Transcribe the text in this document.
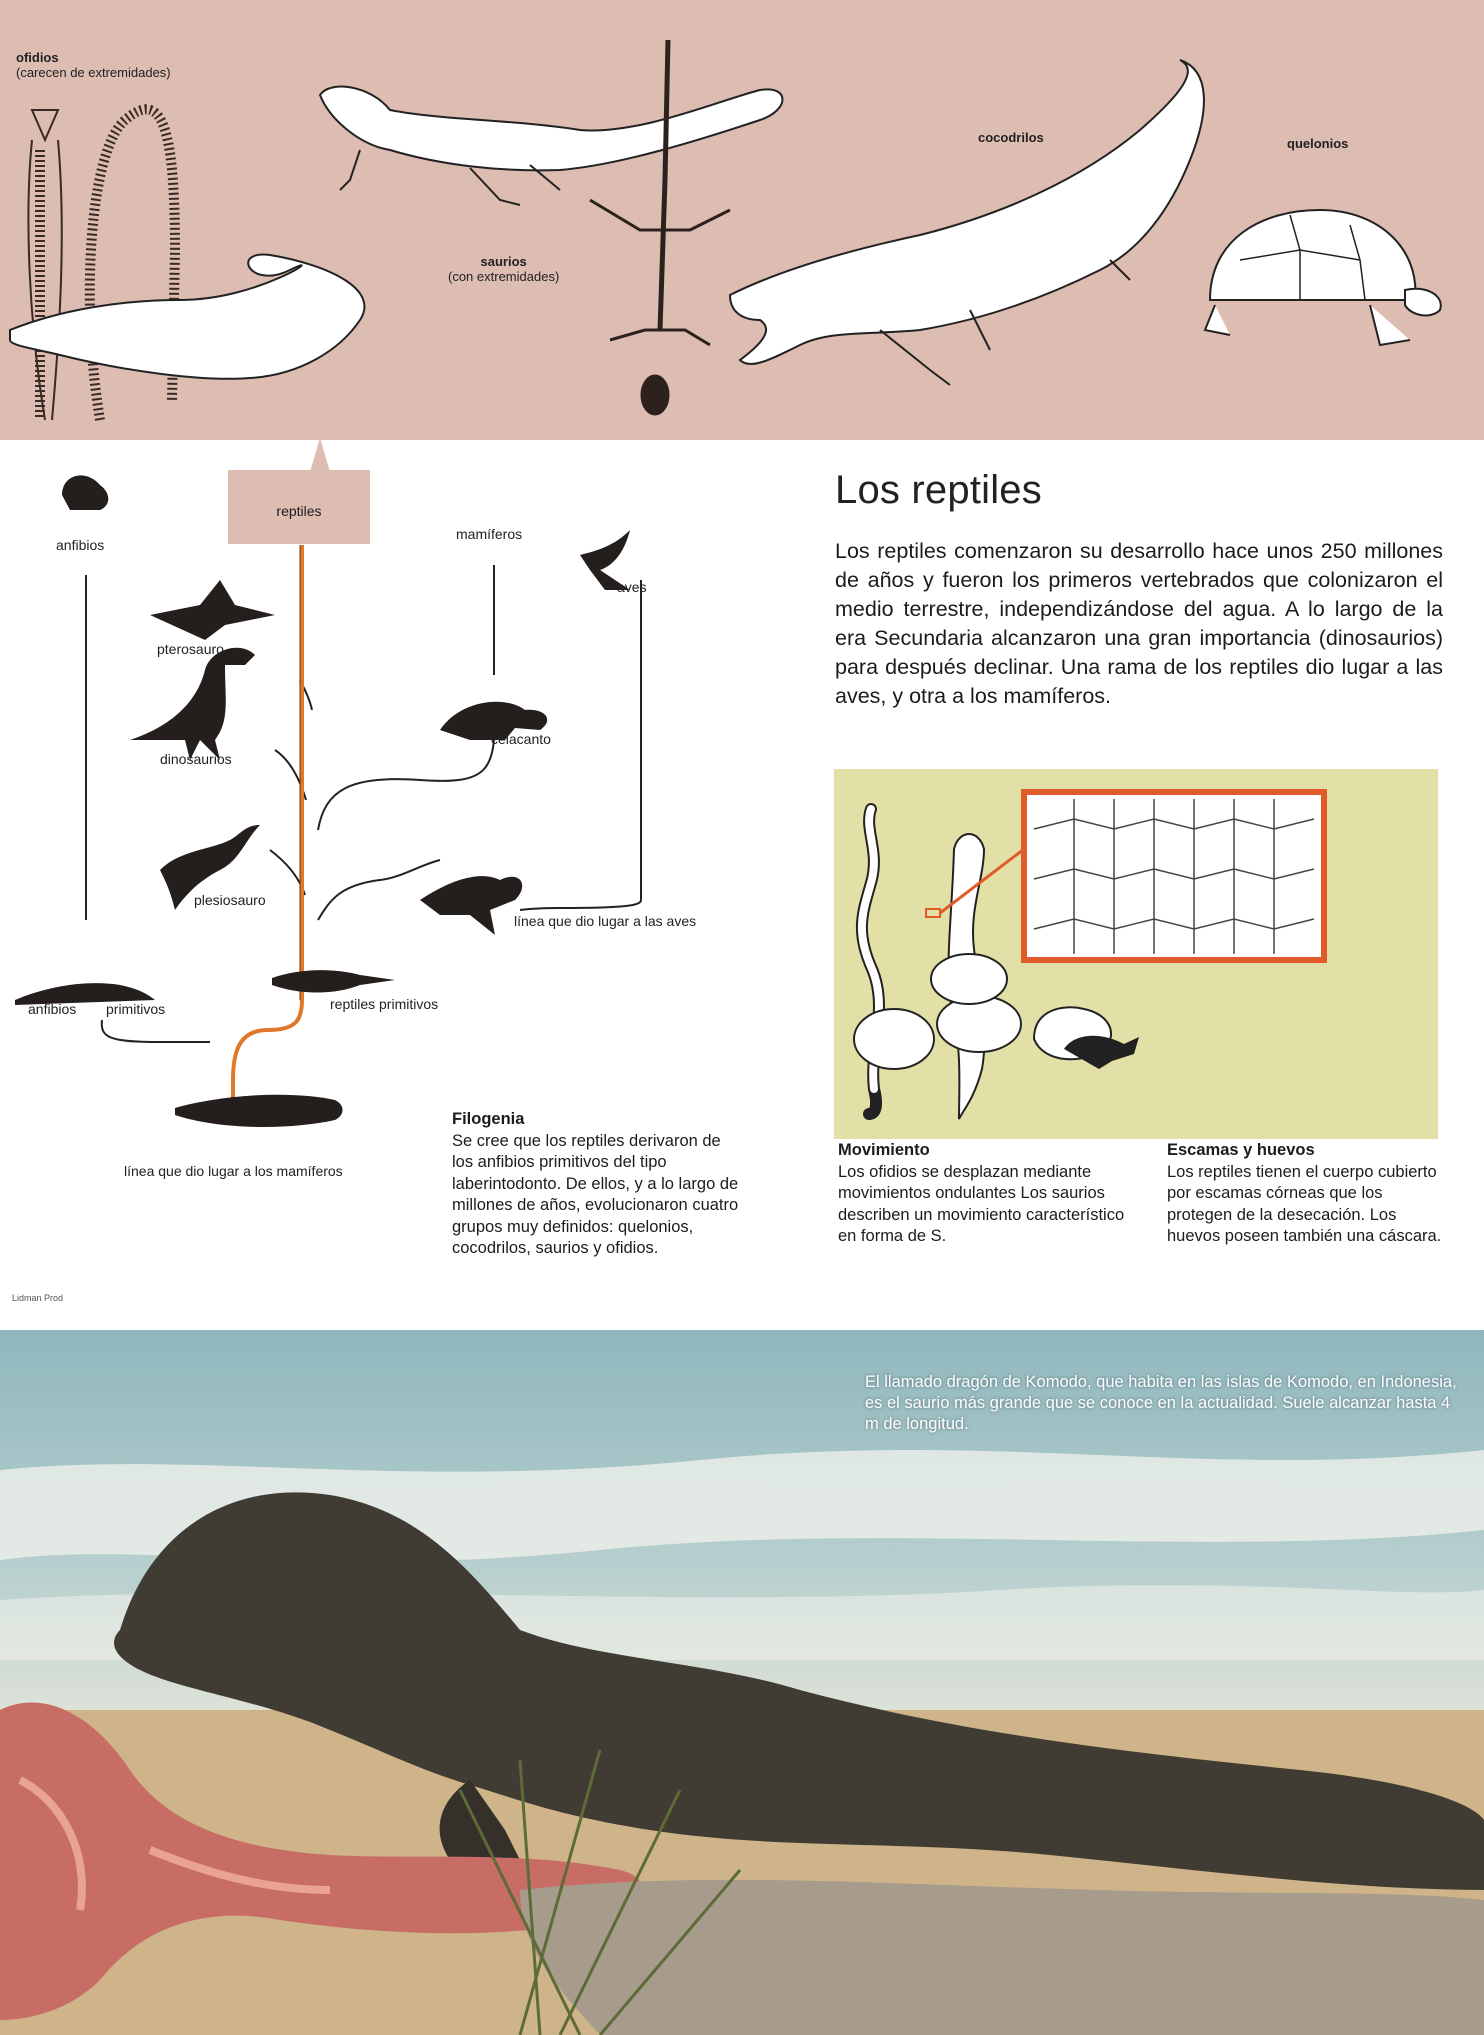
ofidios
(carecen de extremidades)
saurios
(con extremidades)
cocodrilos	quelonios
reptiles
anfibios
mamíferos
aves
pterosauro
dinosaurios
celacanto
plesiosauro
línea que dio lugar a las aves
anfibios primitivos	reptiles primitivos
línea que dio lugar a los mamíferos
Filogenia

Se cree que los reptiles derivaron de los anfibios primitivos del tipo laberintodonto. De ellos, y a lo largo de millones de años, evolucionaron cuatro grupos muy definidos: quelonios, cocodrilos, saurios y ofidios.

Lidman Prod
Los reptiles

Los reptiles comenzaron su desarrollo hace unos 250 millones de años y fueron los primeros vertebrados que colonizaron el medio terrestre, independizándose del agua. A lo largo de la era Secundaria alcanzaron una gran importancia (dinosaurios) para después declinar. Una rama de los reptiles dio lugar a las aves, y otra a los mamíferos.

Movimiento

Los ofidios se desplazan mediante movimientos ondulantes Los saurios describen un movimiento característico en forma de S.

Escamas y huevos

Los reptiles tienen el cuerpo cubierto por escamas córneas que los protegen de la desecación. Los huevos poseen también una cáscara.

El llamado dragón de Komodo, que habita en las islas de Komodo, en Indonesia, es el saurio más grande que se conoce en la actualidad. Suele alcanzar hasta 4 m de longitud.
